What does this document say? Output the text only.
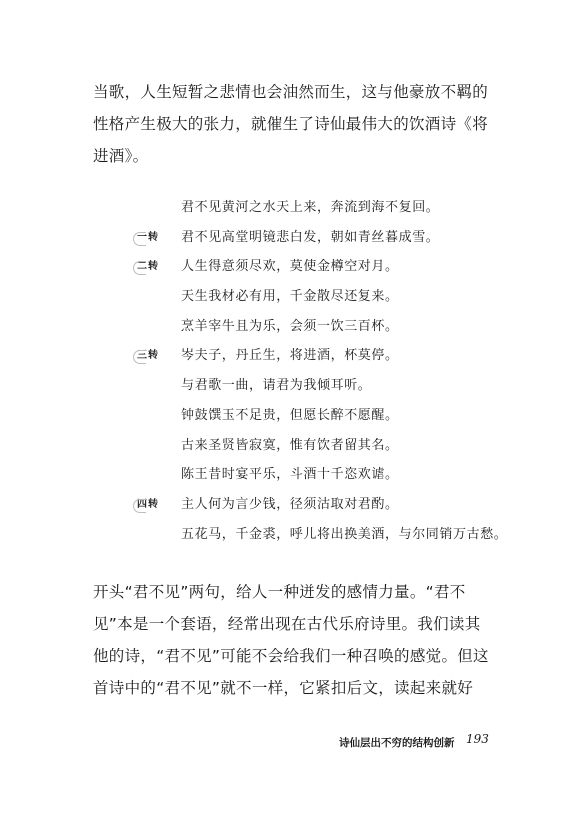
当歌，人生短暂之悲情也会油然而生，这与他豪放不羁的

性格产生极大的张力，就催生了诗仙最伟大的饮酒诗《将

进酒》。

君不见黄河之水天上来，奔流到海不复回。
一转 君不见高堂明镜悲白发，朝如青丝暮成雪。
二转 人生得意须尽欢，莫使金樽空对月。
天生我材必有用，千金散尽还复来。
烹羊宰牛且为乐，会须一饮三百杯。
三转 岑夫子，丹丘生，将进酒，杯莫停。
与君歌一曲，请君为我倾耳听。
钟鼓馔玉不足贵，但愿长醉不愿醒。
古来圣贤皆寂寞，惟有饮者留其名。
陈王昔时宴平乐，斗酒十千恣欢谑。
四转 主人何为言少钱，径须沽取对君酌。
五花马，千金裘，呼儿将出换美酒，与尔同销万古愁。

开头“君不见”两句，给人一种迸发的感情力量。“君不

见”本是一个套语，经常出现在古代乐府诗里。我们读其

他的诗，“君不见”可能不会给我们一种召唤的感觉。但这

首诗中的“君不见”就不一样，它紧扣后文，读起来就好

诗仙层出不穷的结构创新 193
